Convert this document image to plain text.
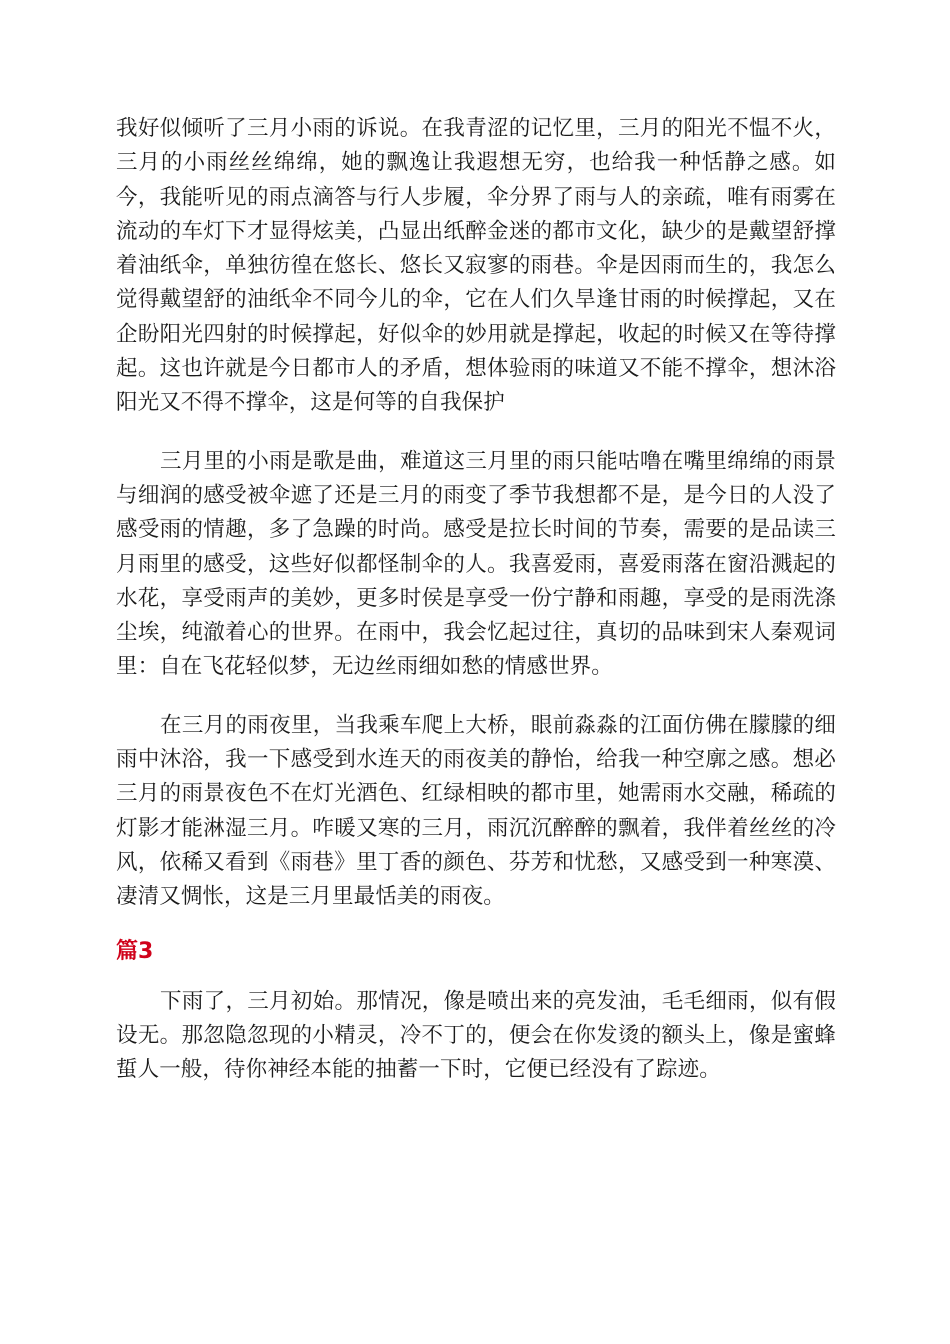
我好似倾听了三月小雨的诉说。在我青涩的记忆里，三月的阳光不愠不火，三月的小雨丝丝绵绵，她的飘逸让我遐想无穷，也给我一种恬静之感。如今，我能听见的雨点滴答与行人步履，伞分界了雨与人的亲疏，唯有雨雾在流动的车灯下才显得炫美，凸显出纸醉金迷的都市文化，缺少的是戴望舒撑着油纸伞，单独彷徨在悠长、悠长又寂寥的雨巷。伞是因雨而生的，我怎么觉得戴望舒的油纸伞不同今儿的伞，它在人们久旱逢甘雨的时候撑起，又在企盼阳光四射的时候撑起，好似伞的妙用就是撑起，收起的时候又在等待撑起。这也许就是今日都市人的矛盾，想体验雨的味道又不能不撑伞，想沐浴阳光又不得不撑伞，这是何等的自我保护

三月里的小雨是歌是曲，难道这三月里的雨只能咕噜在嘴里绵绵的雨景与细润的感受被伞遮了还是三月的雨变了季节我想都不是，是今日的人没了感受雨的情趣，多了急躁的时尚。感受是拉长时间的节奏，需要的是品读三月雨里的感受，这些好似都怪制伞的人。我喜爱雨，喜爱雨落在窗沿溅起的水花，享受雨声的美妙，更多时侯是享受一份宁静和雨趣，享受的是雨洗涤尘埃，纯澈着心的世界。在雨中，我会忆起过往，真切的品味到宋人秦观词里：自在飞花轻似梦，无边丝雨细如愁的情感世界。

在三月的雨夜里，当我乘车爬上大桥，眼前淼淼的江面仿佛在朦朦的细雨中沐浴，我一下感受到水连天的雨夜美的静怡，给我一种空廓之感。想必三月的雨景夜色不在灯光酒色、红绿相映的都市里，她需雨水交融，稀疏的灯影才能淋湿三月。咋暖又寒的三月，雨沉沉醉醉的飘着，我伴着丝丝的冷风，依稀又看到《雨巷》里丁香的颜色、芬芳和忧愁，又感受到一种寒漠、凄清又惆怅，这是三月里最恬美的雨夜。

篇3

下雨了，三月初始。那情况，像是喷出来的亮发油，毛毛细雨，似有假设无。那忽隐忽现的小精灵，冷不丁的，便会在你发烫的额头上，像是蜜蜂蜇人一般，待你神经本能的抽蓄一下时，它便已经没有了踪迹。
